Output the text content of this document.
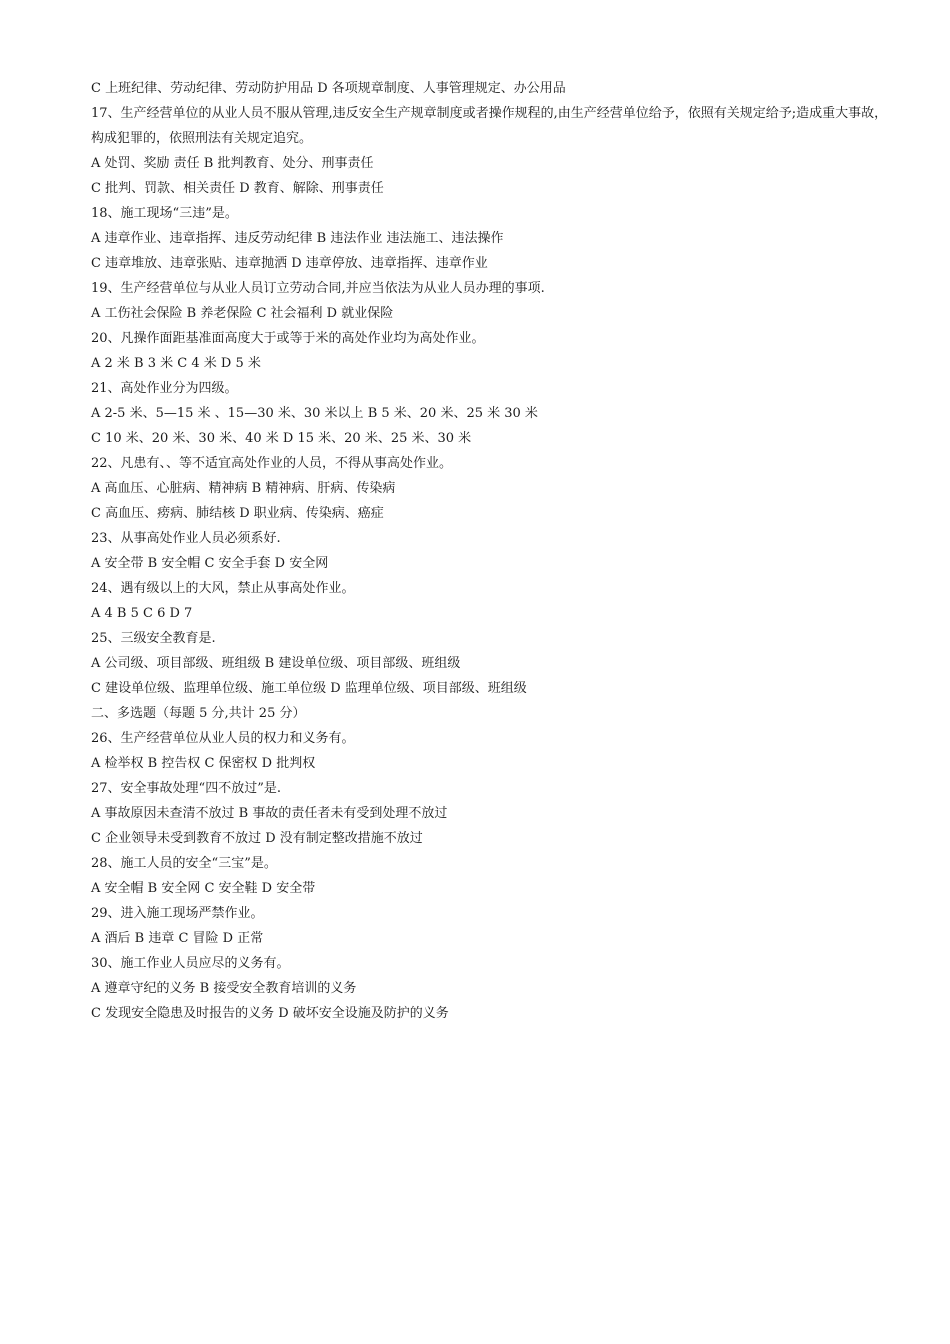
C 上班纪律、劳动纪律、劳动防护用品 D 各项规章制度、人事管理规定、办公用品
17、生产经营单位的从业人员不服从管理,违反安全生产规章制度或者操作规程的,由生产经营单位给予，依照有关规定给予;造成重大事故，构成犯罪的，依照刑法有关规定追究。
A 处罚、奖励 责任 B 批判教育、处分、刑事责任
C 批判、罚款、相关责任 D 教育、解除、刑事责任
18、施工现场“三违”是。
A 违章作业、违章指挥、违反劳动纪律 B 违法作业 违法施工、违法操作
C 违章堆放、违章张贴、违章抛洒 D 违章停放、违章指挥、违章作业
19、生产经营单位与从业人员订立劳动合同,并应当依法为从业人员办理的事项.
A 工伤社会保险 B 养老保险 C 社会福利 D 就业保险
20、凡操作面距基准面高度大于或等于米的高处作业均为高处作业。
A 2 米 B 3 米 C 4 米 D 5 米
21、高处作业分为四级。
A 2-5 米、5—15 米 、15—30 米、30 米以上 B 5 米、20 米、25 米 30 米
C 10 米、20 米、30 米、40 米 D 15 米、20 米、25 米、30 米
22、凡患有、、等不适宜高处作业的人员，不得从事高处作业。
A 高血压、心脏病、精神病 B 精神病、肝病、传染病
C 高血压、痨病、肺结核 D 职业病、传染病、癌症
23、从事高处作业人员必须系好.
A 安全带 B 安全帽 C 安全手套 D 安全网
24、遇有级以上的大风，禁止从事高处作业。
A 4 B 5 C 6 D 7
25、三级安全教育是.
A 公司级、项目部级、班组级 B 建设单位级、项目部级、班组级
C 建设单位级、监理单位级、施工单位级 D 监理单位级、项目部级、班组级
二、多选题（每题 5 分,共计 25 分）
26、生产经营单位从业人员的权力和义务有。
A 检举权 B 控告权 C 保密权 D 批判权
27、安全事故处理“四不放过”是.
A 事故原因未查清不放过 B 事故的责任者未有受到处理不放过
C 企业领导未受到教育不放过 D 没有制定整改措施不放过
28、施工人员的安全“三宝”是。
A 安全帽 B 安全网 C 安全鞋 D 安全带
29、进入施工现场严禁作业。
A 酒后 B 违章 C 冒险 D 正常
30、施工作业人员应尽的义务有。
A 遵章守纪的义务 B 接受安全教育培训的义务
C 发现安全隐患及时报告的义务 D 破坏安全设施及防护的义务
